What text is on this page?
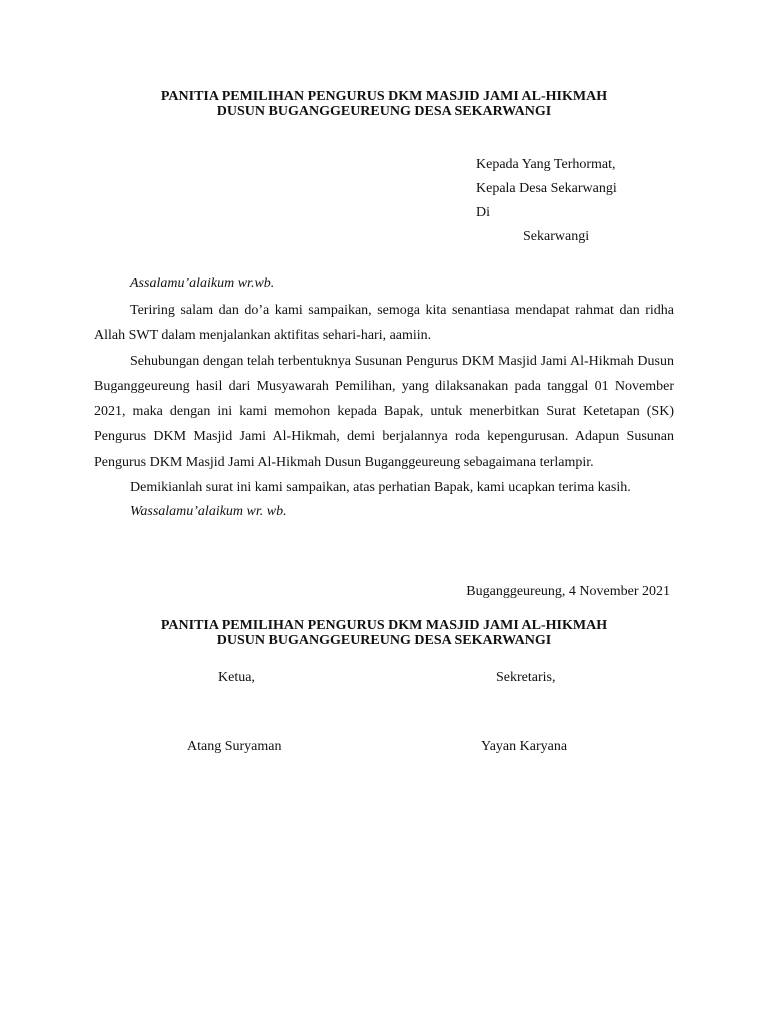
PANITIA PEMILIHAN PENGURUS DKM MASJID JAMI AL-HIKMAH
DUSUN BUGANGGEUREUNG DESA SEKARWANGI
Kepada Yang Terhormat,
Kepala Desa Sekarwangi
Di
Sekarwangi

Assalamu’alaikum wr.wb.

Teriring salam dan do’a kami sampaikan, semoga kita senantiasa mendapat rahmat dan ridha Allah SWT dalam menjalankan aktifitas sehari-hari, aamiin.

Sehubungan dengan telah terbentuknya Susunan Pengurus DKM Masjid Jami Al-Hikmah Dusun Buganggeureung hasil dari Musyawarah Pemilihan, yang dilaksanakan pada tanggal 01 November 2021, maka dengan ini kami memohon kepada Bapak, untuk menerbitkan Surat Ketetapan (SK) Pengurus DKM Masjid Jami Al-Hikmah, demi berjalannya roda kepengurusan. Adapun Susunan Pengurus DKM Masjid Jami Al-Hikmah Dusun Buganggeureung sebagaimana terlampir.

Demikianlah surat ini kami sampaikan, atas perhatian Bapak, kami ucapkan terima kasih.

Wassalamu’alaikum wr. wb.

Buganggeureung, 4 November 2021
PANITIA PEMILIHAN PENGURUS DKM MASJID JAMI AL-HIKMAH
DUSUN BUGANGGEUREUNG DESA SEKARWANGI
Ketua,	Sekretaris,
Atang Suryaman	Yayan Karyana
